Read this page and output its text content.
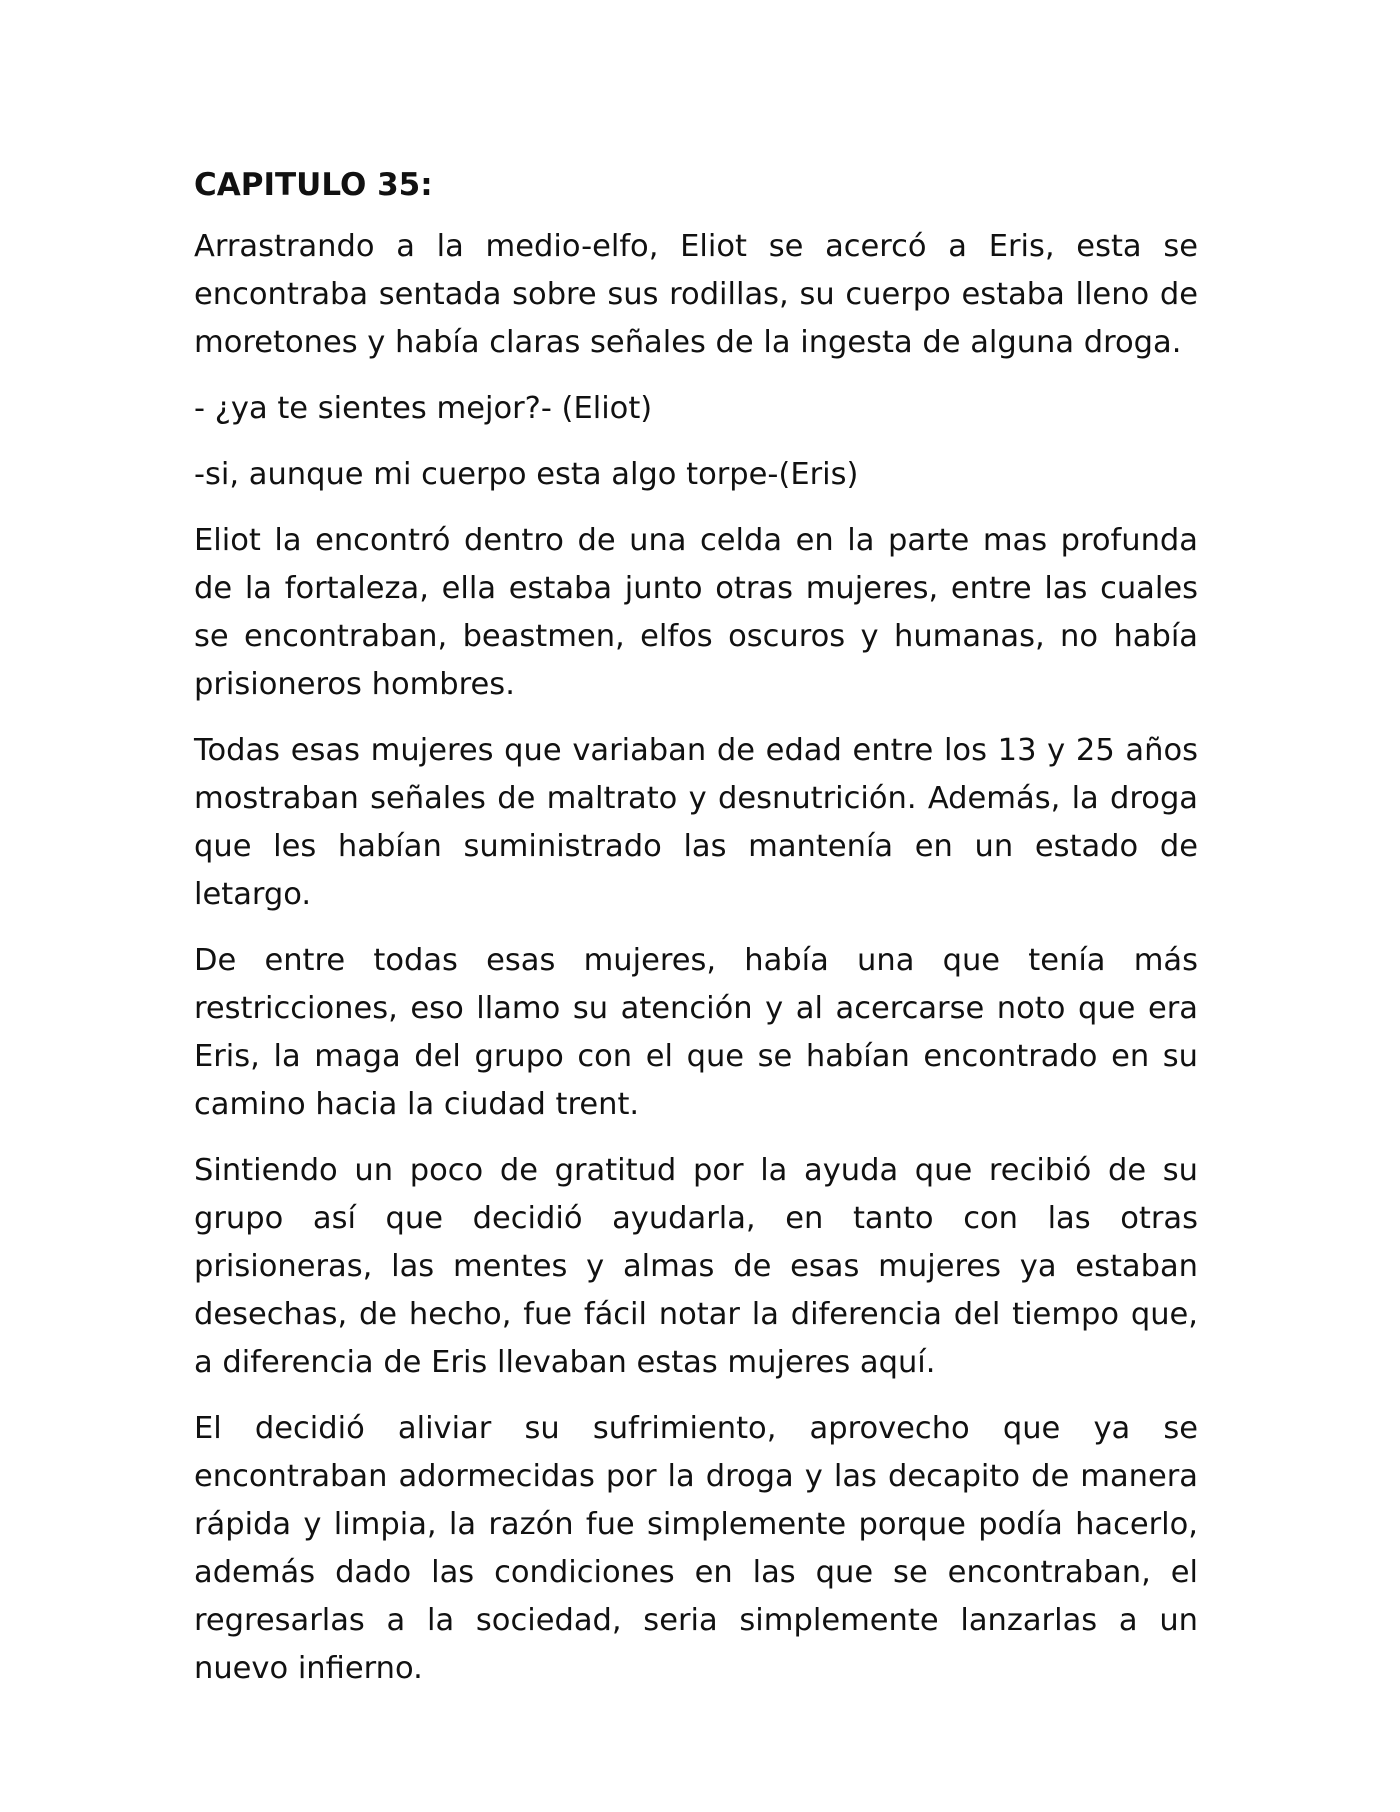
CAPITULO 35:

Arrastrando a la medio-elfo, Eliot se acercó a Eris, esta se encontraba sentada sobre sus rodillas, su cuerpo estaba lleno de moretones y había claras señales de la ingesta de alguna droga.

- ¿ya te sientes mejor?- (Eliot)

-si, aunque mi cuerpo esta algo torpe-(Eris)

Eliot la encontró dentro de una celda en la parte mas profunda de la fortaleza, ella estaba junto otras mujeres, entre las cuales se encontraban, beastmen, elfos oscuros y humanas, no había prisioneros hombres.

Todas esas mujeres que variaban de edad entre los 13 y 25 años mostraban señales de maltrato y desnutrición. Además, la droga que les habían suministrado las mantenía en un estado de letargo.

De entre todas esas mujeres, había una que tenía más restricciones, eso llamo su atención y al acercarse noto que era Eris, la maga del grupo con el que se habían encontrado en su camino hacia la ciudad trent.

Sintiendo un poco de gratitud por la ayuda que recibió de su grupo así que decidió ayudarla, en tanto con las otras prisioneras, las mentes y almas de esas mujeres ya estaban desechas, de hecho, fue fácil notar la diferencia del tiempo que, a diferencia de Eris llevaban estas mujeres aquí.

El decidió aliviar su sufrimiento, aprovecho que ya se encontraban adormecidas por la droga y las decapito de manera rápida y limpia, la razón fue simplemente porque podía hacerlo, además dado las condiciones en las que se encontraban, el regresarlas a la sociedad, seria simplemente lanzarlas a un nuevo infierno.
